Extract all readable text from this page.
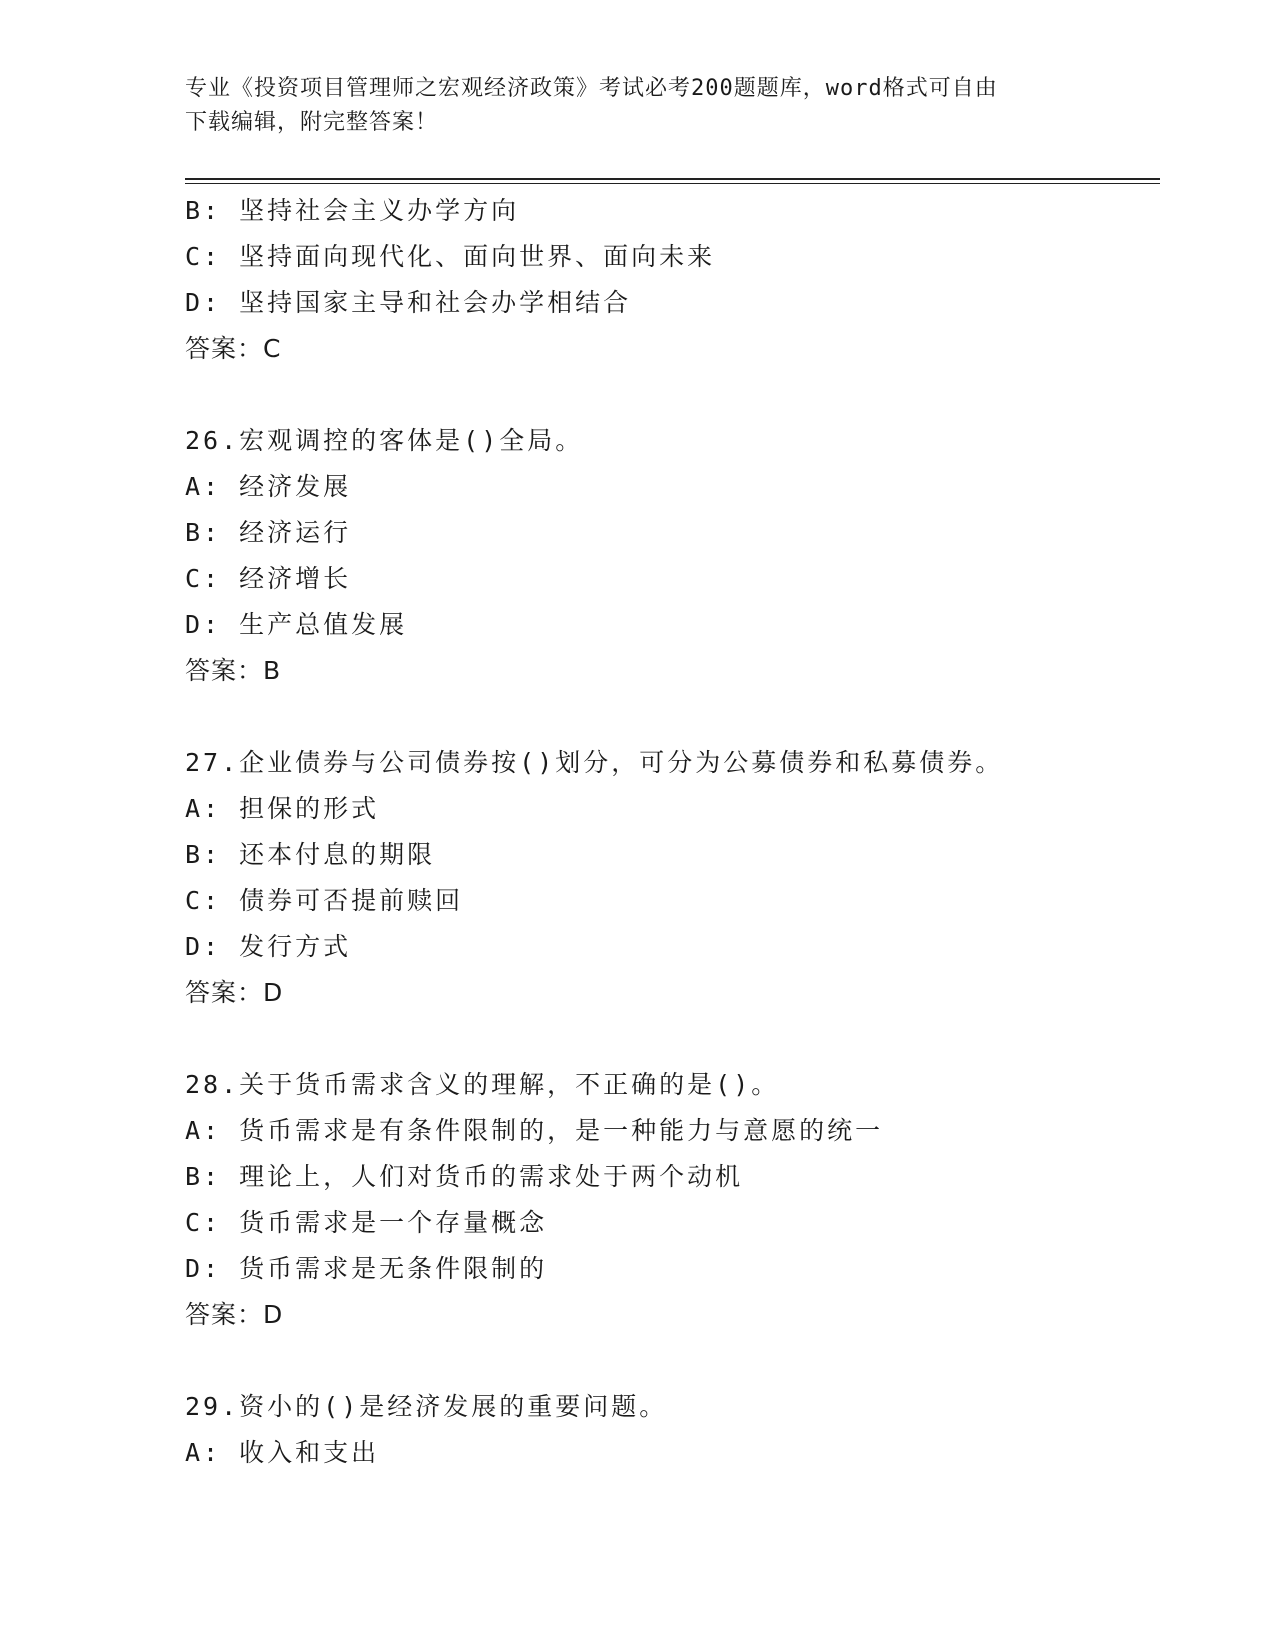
专业《投资项目管理师之宏观经济政策》考试必考200题题库，word格式可自由
下载编辑，附完整答案！
B: 坚持社会主义办学方向
C: 坚持面向现代化、面向世界、面向未来
D: 坚持国家主导和社会办学相结合
答案：C
26.宏观调控的客体是()全局。
A: 经济发展
B: 经济运行
C: 经济增长
D: 生产总值发展
答案：B
27.企业债券与公司债券按()划分，可分为公募债券和私募债券。
A: 担保的形式
B: 还本付息的期限
C: 债券可否提前赎回
D: 发行方式
答案：D
28.关于货币需求含义的理解，不正确的是()。
A: 货币需求是有条件限制的，是一种能力与意愿的统一
B: 理论上，人们对货币的需求处于两个动机
C: 货币需求是一个存量概念
D: 货币需求是无条件限制的
答案：D
29.资小的()是经济发展的重要问题。
A: 收入和支出
